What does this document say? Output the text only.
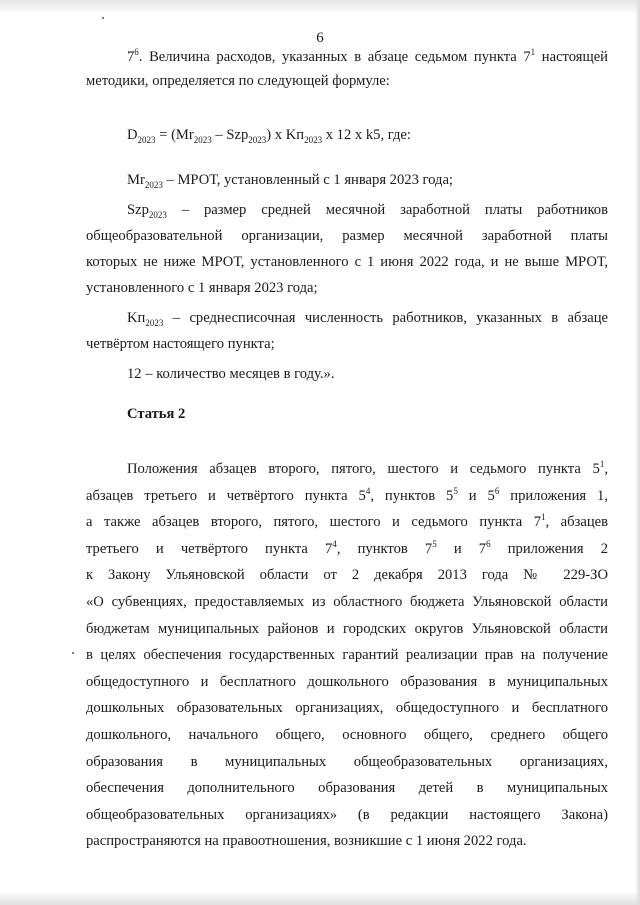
6
$7^6$. Величина расходов, указанных в абзаце седьмом пункта $7^1$ настоящей
методики, определяется по следующей формуле:
$D_{2023} = (Mr_{2023} - Szp_{2023})$ x $Kп_{2023}$ x 12 x k5, где:
$Mr_{2023}$ – МРОТ, установленный с 1 января 2023 года;
Szp$_{2023}$ – размер средней месячной заработной платы работников
общеобразовательной организации, размер месячной заработной платы
которых не ниже МРОТ, установленного с 1 июня 2022 года, и не выше МРОТ,
установленного с 1 января 2023 года;
$Kп_{2023}$ – среднесписочная численность работников, указанных в абзаце
четвёртом настоящего пункта;
12 – количество месяцев в году.».
Статья 2
Положения абзацев второго, пятого, шестого и седьмого пункта $5^1$,
абзацев третьего и четвёртого пункта $5^4$, пунктов $5^5$ и $5^6$ приложения 1,
а также абзацев второго, пятого, шестого и седьмого пункта $7^1$, абзацев
третьего и четвёртого пункта $7^4$, пунктов $7^5$ и $7^6$ приложения 2
к Закону Ульяновской области от 2 декабря 2013 года № 229-ЗО
«О субвенциях, предоставляемых из областного бюджета Ульяновской области
бюджетам муниципальных районов и городских округов Ульяновской области
в целях обеспечения государственных гарантий реализации прав на получение
общедоступного и бесплатного дошкольного образования в муниципальных
дошкольных образовательных организациях, общедоступного и бесплатного
дошкольного, начального общего, основного общего, среднего общего
образования в муниципальных общеобразовательных организациях,
обеспечения дополнительного образования детей в муниципальных
общеобразовательных организациях» (в редакции настоящего Закона)
распространяются на правоотношения, возникшие с 1 июня 2022 года.
